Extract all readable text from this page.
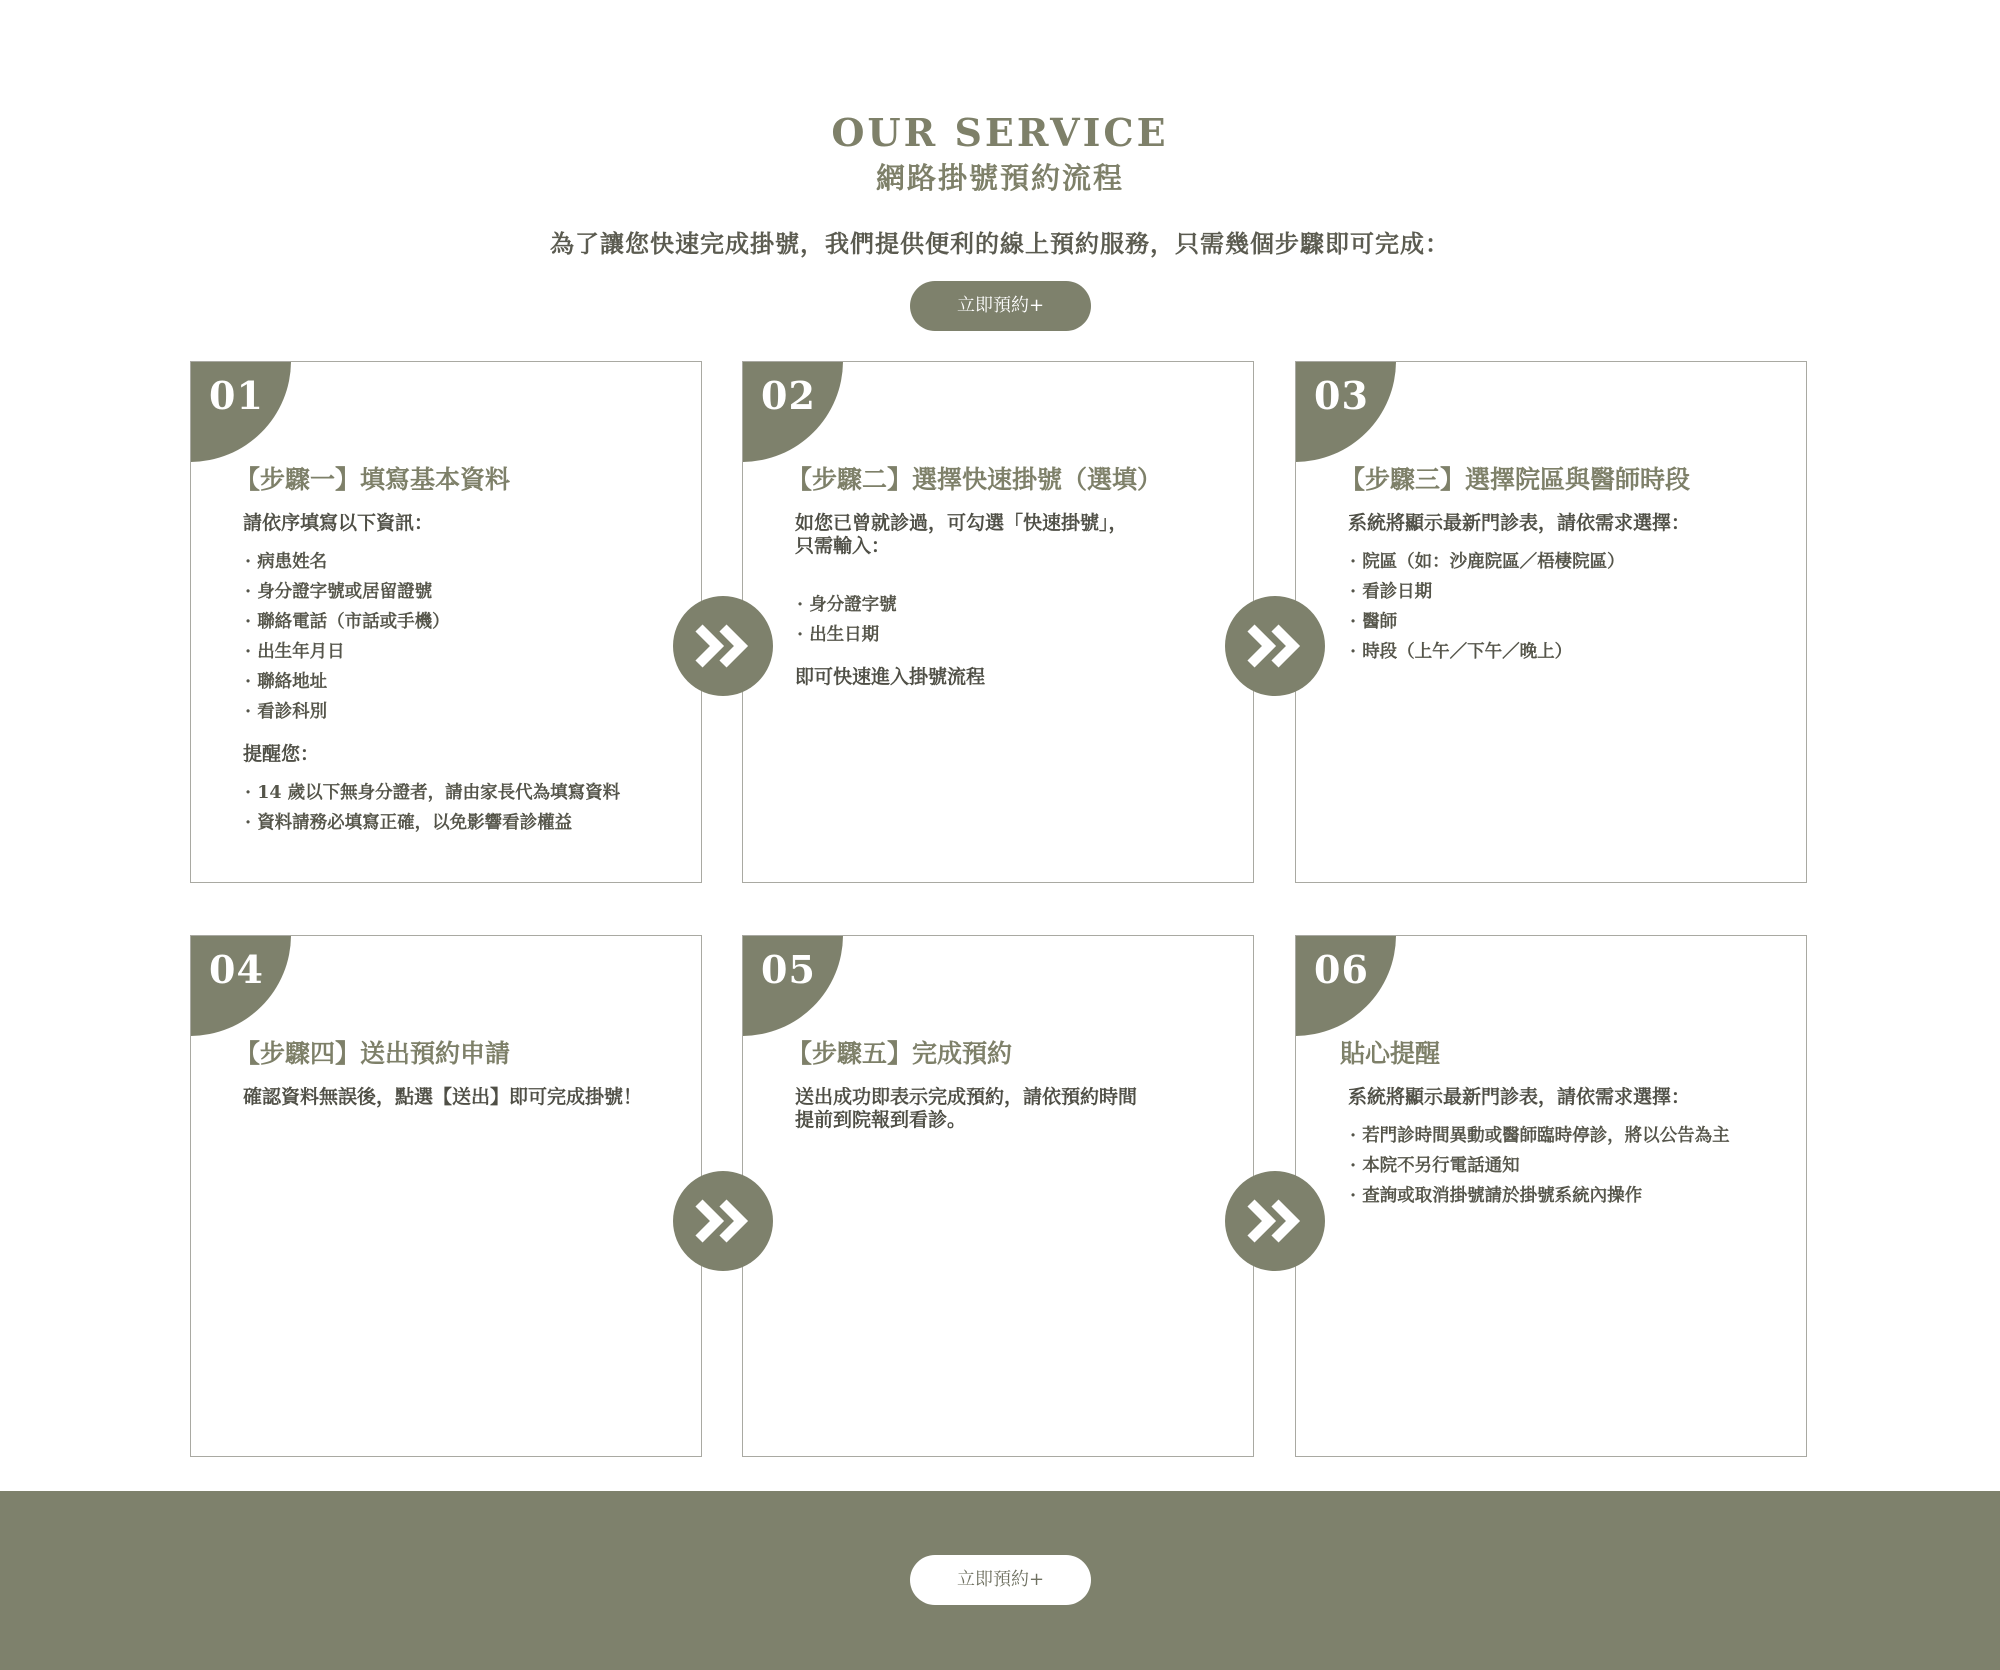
OUR SERVICE
網路掛號預約流程
為了讓您快速完成掛號，我們提供便利的線上預約服務，只需幾個步驟即可完成：
立即預約+
01
【步驟一】填寫基本資料

請依序填寫以下資訊：

· 病患姓名
· 身分證字號或居留證號
· 聯絡電話（市話或手機）
· 出生年月日
· 聯絡地址
· 看診科別

提醒您：

· 14 歲以下無身分證者，請由家長代為填寫資料
· 資料請務必填寫正確，以免影響看診權益
02
【步驟二】選擇快速掛號（選填）

如您已曾就診過，可勾選「快速掛號」，

只需輸入：

· 身分證字號
· 出生日期

即可快速進入掛號流程

03
【步驟三】選擇院區與醫師時段

系統將顯示最新門診表，請依需求選擇：

· 院區（如：沙鹿院區／梧棲院區）
· 看診日期
· 醫師
· 時段（上午／下午／晚上）
04
【步驟四】送出預約申請

確認資料無誤後，點選【送出】即可完成掛號！

05
【步驟五】完成預約

送出成功即表示完成預約，請依預約時間

提前到院報到看診。

06
貼心提醒

系統將顯示最新門診表，請依需求選擇：

· 若門診時間異動或醫師臨時停診，將以公告為主
· 本院不另行電話通知
· 查詢或取消掛號請於掛號系統內操作
立即預約+
